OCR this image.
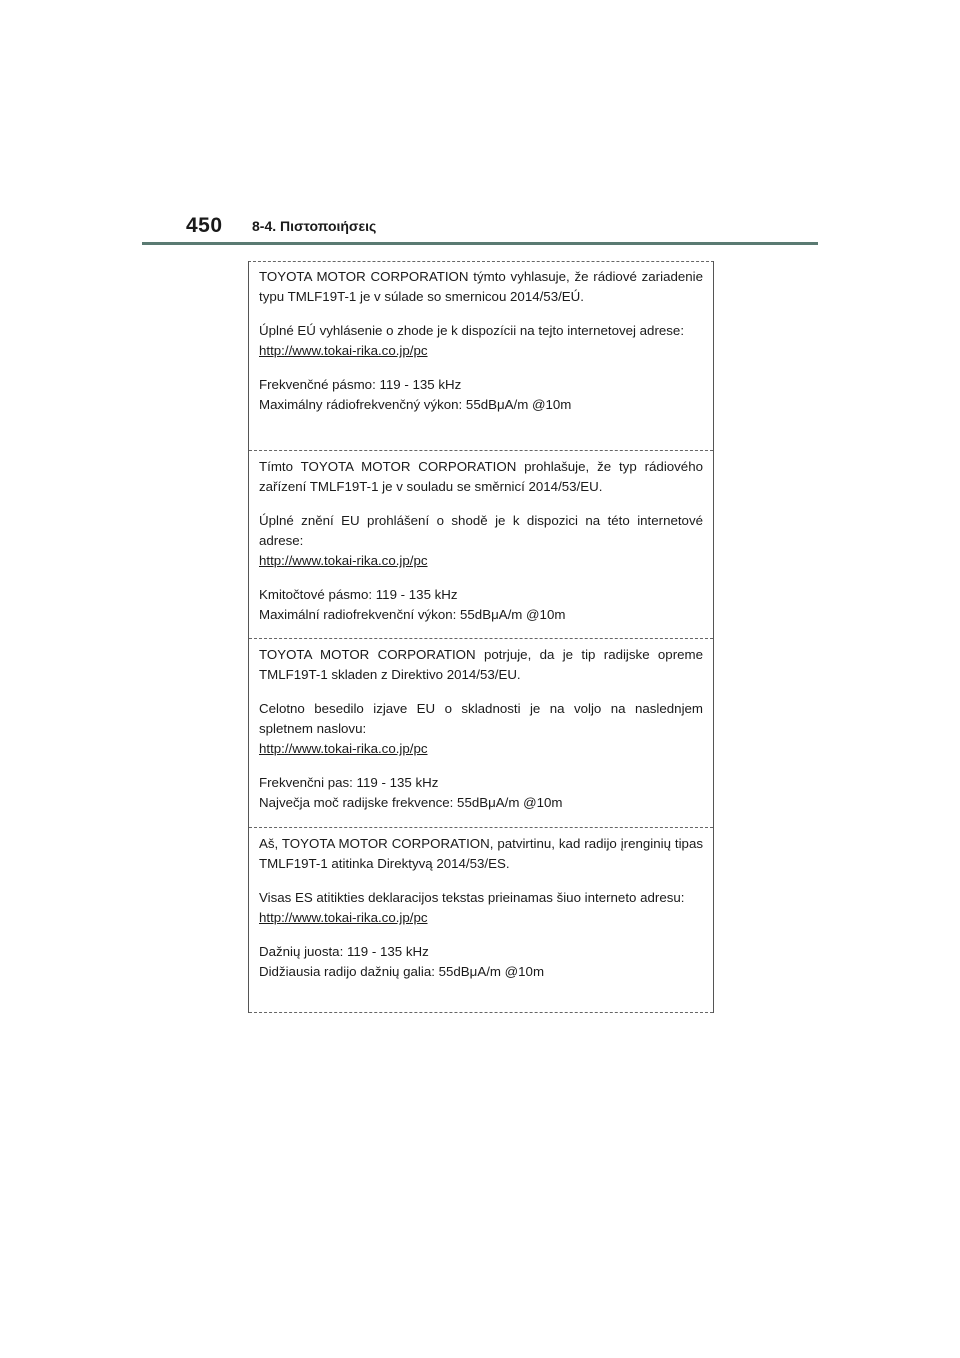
450 8-4. Πιστοποιήσεις

TOYOTA MOTOR CORPORATION týmto vyhlasuje, že rádiové zariadenie typu TMLF19T-1 je v súlade so smernicou 2014/53/EÚ.

Úplné EÚ vyhlásenie o zhode je k dispozícii na tejto internetovej adrese:

http://www.tokai-rika.co.jp/pc

Frekvenčné pásmo: 119 - 135 kHz

Maximálny rádiofrekvenčný výkon: 55dBμA/m @10m

Tímto TOYOTA MOTOR CORPORATION prohlašuje, že typ rádiového zařízení TMLF19T-1 je v souladu se směrnicí 2014/53/EU.

Úplné znění EU prohlášení o shodě je k dispozici na této internetové adrese:

http://www.tokai-rika.co.jp/pc

Kmitočtové pásmo: 119 - 135 kHz

Maximální radiofrekvenční výkon: 55dBμA/m @10m

TOYOTA MOTOR CORPORATION potrjuje, da je tip radijske opreme TMLF19T-1 skladen z Direktivo 2014/53/EU.

Celotno besedilo izjave EU o skladnosti je na voljo na naslednjem spletnem naslovu:

http://www.tokai-rika.co.jp/pc

Frekvenčni pas: 119 - 135 kHz

Največja moč radijske frekvence: 55dBμA/m @10m

Aš, TOYOTA MOTOR CORPORATION, patvirtinu, kad radijo įrenginių tipas TMLF19T-1 atitinka Direktyvą 2014/53/ES.

Visas ES atitikties deklaracijos tekstas prieinamas šiuo interneto adresu:

http://www.tokai-rika.co.jp/pc

Dažnių juosta: 119 - 135 kHz

Didžiausia radijo dažnių galia: 55dBμA/m @10m
